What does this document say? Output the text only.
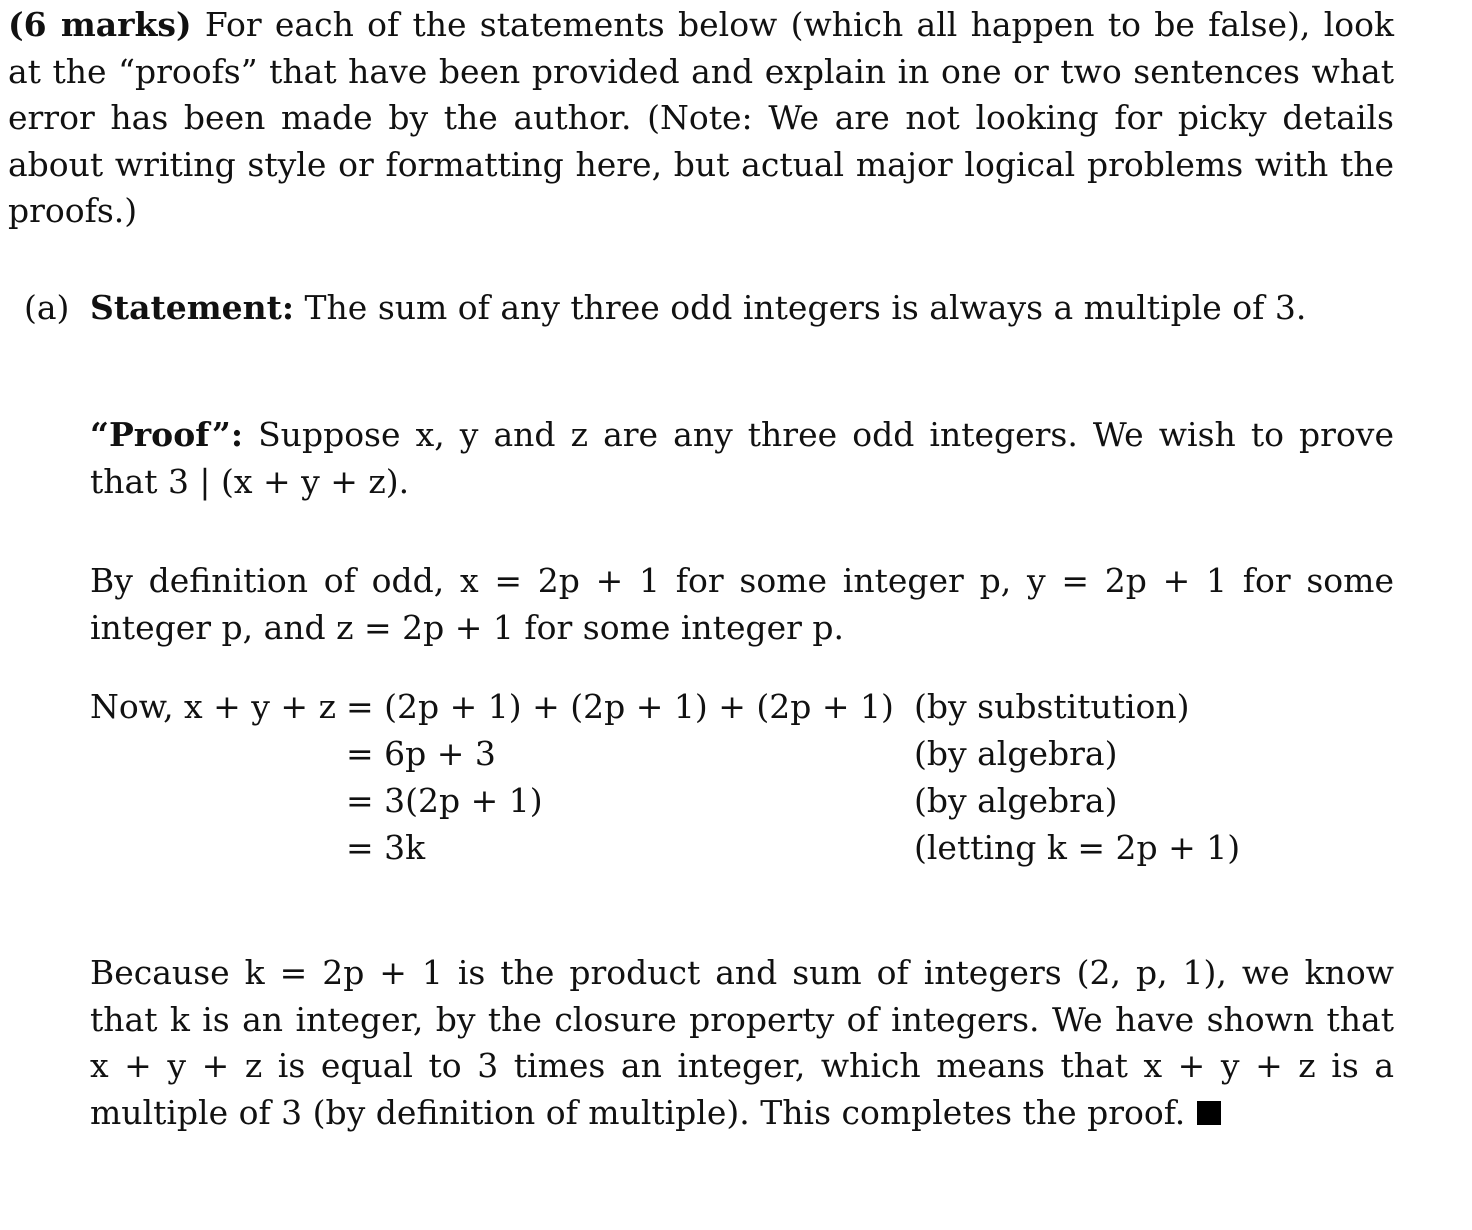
(6 marks) For each of the statements below (which all happen to be false), look at the “proofs” that have been provided and explain in one or two sentences what error has been made by the author. (Note: We are not looking for picky details about writing style or formatting here, but actual major logical problems with the proofs.)

(a) Statement: The sum of any three odd integers is always a multiple of 3.

“Proof”: Suppose x, y and z are any three odd integers. We wish to prove that 3 | (x + y + z).

By definition of odd, x = 2p + 1 for some integer p, y = 2p + 1 for some integer p, and z = 2p + 1 for some integer p.

Now, x + y + z = (2p + 1) + (2p + 1) + (2p + 1) (by substitution)
= 6p + 3	(by algebra)
= 3(2p + 1)	(by algebra)
= 3k	(letting k = 2p + 1)

Because k = 2p + 1 is the product and sum of integers (2, p, 1), we know that k is an integer, by the closure property of integers. We have shown that x + y + z is equal to 3 times an integer, which means that x + y + z is a multiple of 3 (by definition of multiple). This completes the proof.
